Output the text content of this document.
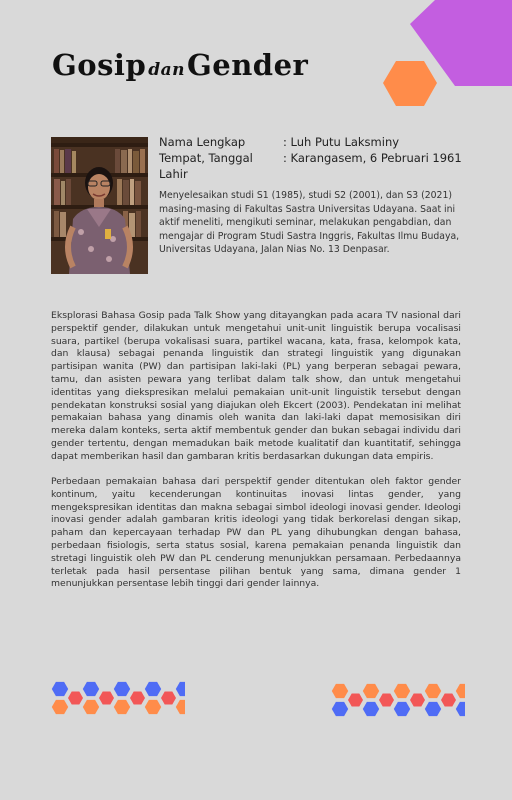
Gosip danGender
Nama Lengkap	: Luh Putu Laksminy
Tempat, Tanggal Lahir
: Karangasem, 6 Pebruari 1961
Menyelesaikan studi S1 (1985), studi S2 (2001), dan S3 (2021) masing-masing di Fakultas Sastra Universitas Udayana. Saat ini aktif meneliti, mengikuti seminar, melakukan pengabdian, dan mengajar di Program Studi Sastra Inggris, Fakultas Ilmu Budaya, Universitas Udayana, Jalan Nias No. 13 Denpasar.

Eksplorasi Bahasa Gosip pada Talk Show yang ditayangkan pada acara TV nasional dari perspektif gender, dilakukan untuk mengetahui unit-unit linguistik berupa vocalisasi suara, partikel (berupa vokalisasi suara, partikel wacana, kata, frasa, kelompok kata, dan klausa) sebagai penanda linguistik dan strategi linguistik yang digunakan partisipan wanita (PW) dan partisipan laki-laki (PL) yang berperan sebagai pewara, tamu, dan asisten pewara yang terlibat dalam talk show, dan untuk mengetahui identitas yang diekspresikan melalui pemakaian unit-unit linguistik tersebut dengan pendekatan konstruksi sosial yang diajukan oleh Ekcert (2003). Pendekatan ini melihat pemakaian bahasa yang dinamis oleh wanita dan laki-laki dapat memosisikan diri mereka dalam konteks, serta aktif membentuk gender dan bukan sebagai individu dari gender tertentu, dengan memadukan baik metode kualitatif dan kuantitatif, sehingga dapat memberikan hasil dan gambaran kritis berdasarkan dukungan data empiris.

Perbedaan pemakaian bahasa dari perspektif gender ditentukan oleh faktor gender kontinum, yaitu kecenderungan kontinuitas inovasi lintas gender, yang mengekspresikan identitas dan makna sebagai simbol ideologi inovasi gender. Ideologi inovasi gender adalah gambaran kritis ideologi yang tidak berkorelasi dengan sikap, paham dan kepercayaan terhadap PW dan PL yang dihubungkan dengan bahasa, perbedaan fisiologis, serta status sosial, karena pemakaian penanda linguistik dan stretagi linguistik oleh PW dan PL cenderung menunjukkan persamaan. Perbedaannya terletak pada hasil persentase pilihan bentuk yang sama, dimana gender 1 menunjukkan persentase lebih tinggi dari gender lainnya.
